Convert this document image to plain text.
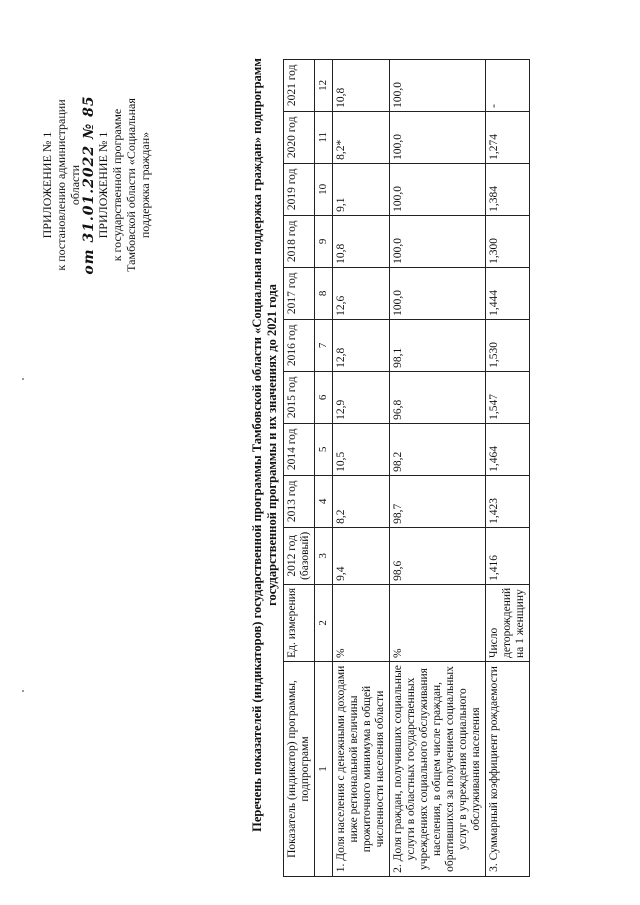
ПРИЛОЖЕНИЕ № 1 к постановлению администрации области от 31.01.2022 № 85 ПРИЛОЖЕНИЕ № 1 к государственной программе Тамбовской области «Социальная поддержка граждан»	Перечень показателей (индикаторов) государственной программы Тамбовской области «Социальная поддержка граждан» подпрограмм государственной программы и их значениях до 2021 года
Показатель (индикатор) программы, подпрограмм	Ед. измерения	2012 год (базовый)	2013 год	2014 год	2015 год	2016 год	2017 год	2018 год	2019 год	2020 год	2021 год
1	2	3	4	5	6	7	8	9	10	11	12
1. Доля населения с денежными доходами ниже региональной величины прожиточного минимума в общей численности населения области	%	9,4	8,2	10,5	12,9	12,8	12,6	10,8	9,1	8,2*	10,8
2. Доля граждан, получивших социальные услуги в областных государственных учреждениях социального обслуживания населения, в общем числе граждан, обратившихся за получением социальных услуг в учреждения социального обслуживания населения	%	98,6	98,7	98,2	96,8	98,1	100,0	100,0	100,0	100,0	100,0
3. Суммарный коэффициент рождаемости	Число деторождений на 1 женщину	1,416	1,423	1,464	1,547	1,530	1,444	1,300	1,384	1,274	-
